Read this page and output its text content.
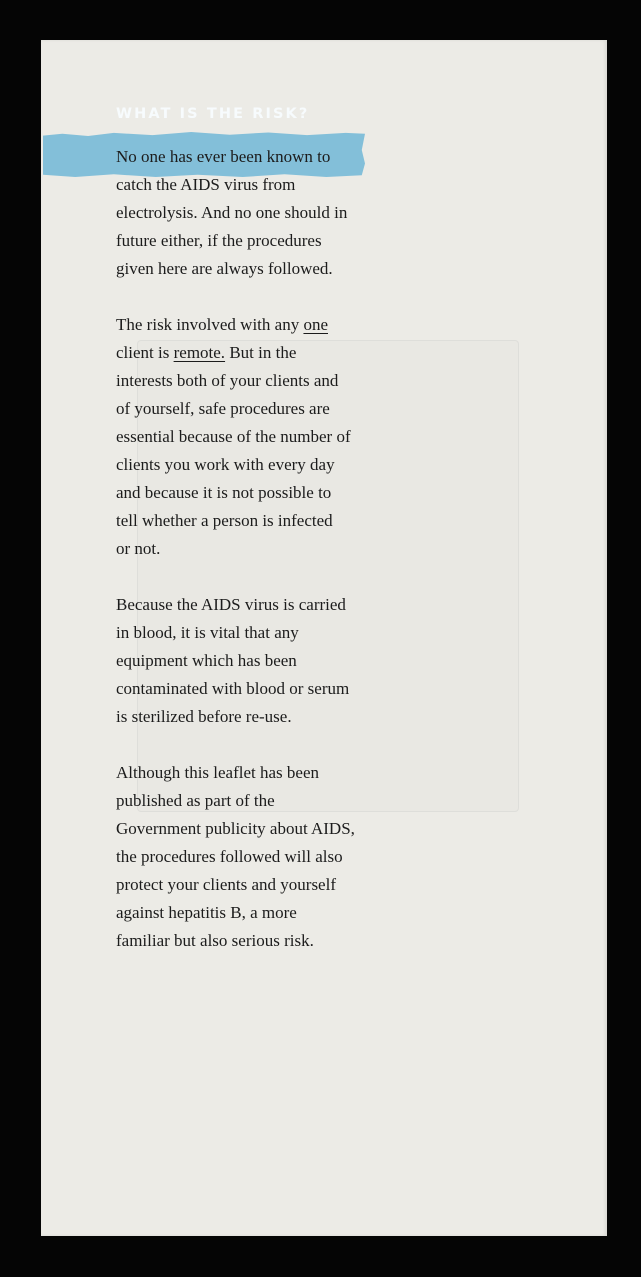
WHAT IS THE RISK?
No one has ever been known to
catch the AIDS virus from
electrolysis. And no one should in
future either, if the procedures
given here are always followed.
The risk involved with any one
client is remote. But in the
interests both of your clients and
of yourself, safe procedures are
essential because of the number of
clients you work with every day
and because it is not possible to
tell whether a person is infected
or not.
Because the AIDS virus is carried
in blood, it is vital that any
equipment which has been
contaminated with blood or serum
is sterilized before re-use.
Although this leaflet has been
published as part of the
Government publicity about AIDS,
the procedures followed will also
protect your clients and yourself
against hepatitis B, a more
familiar but also serious risk.
